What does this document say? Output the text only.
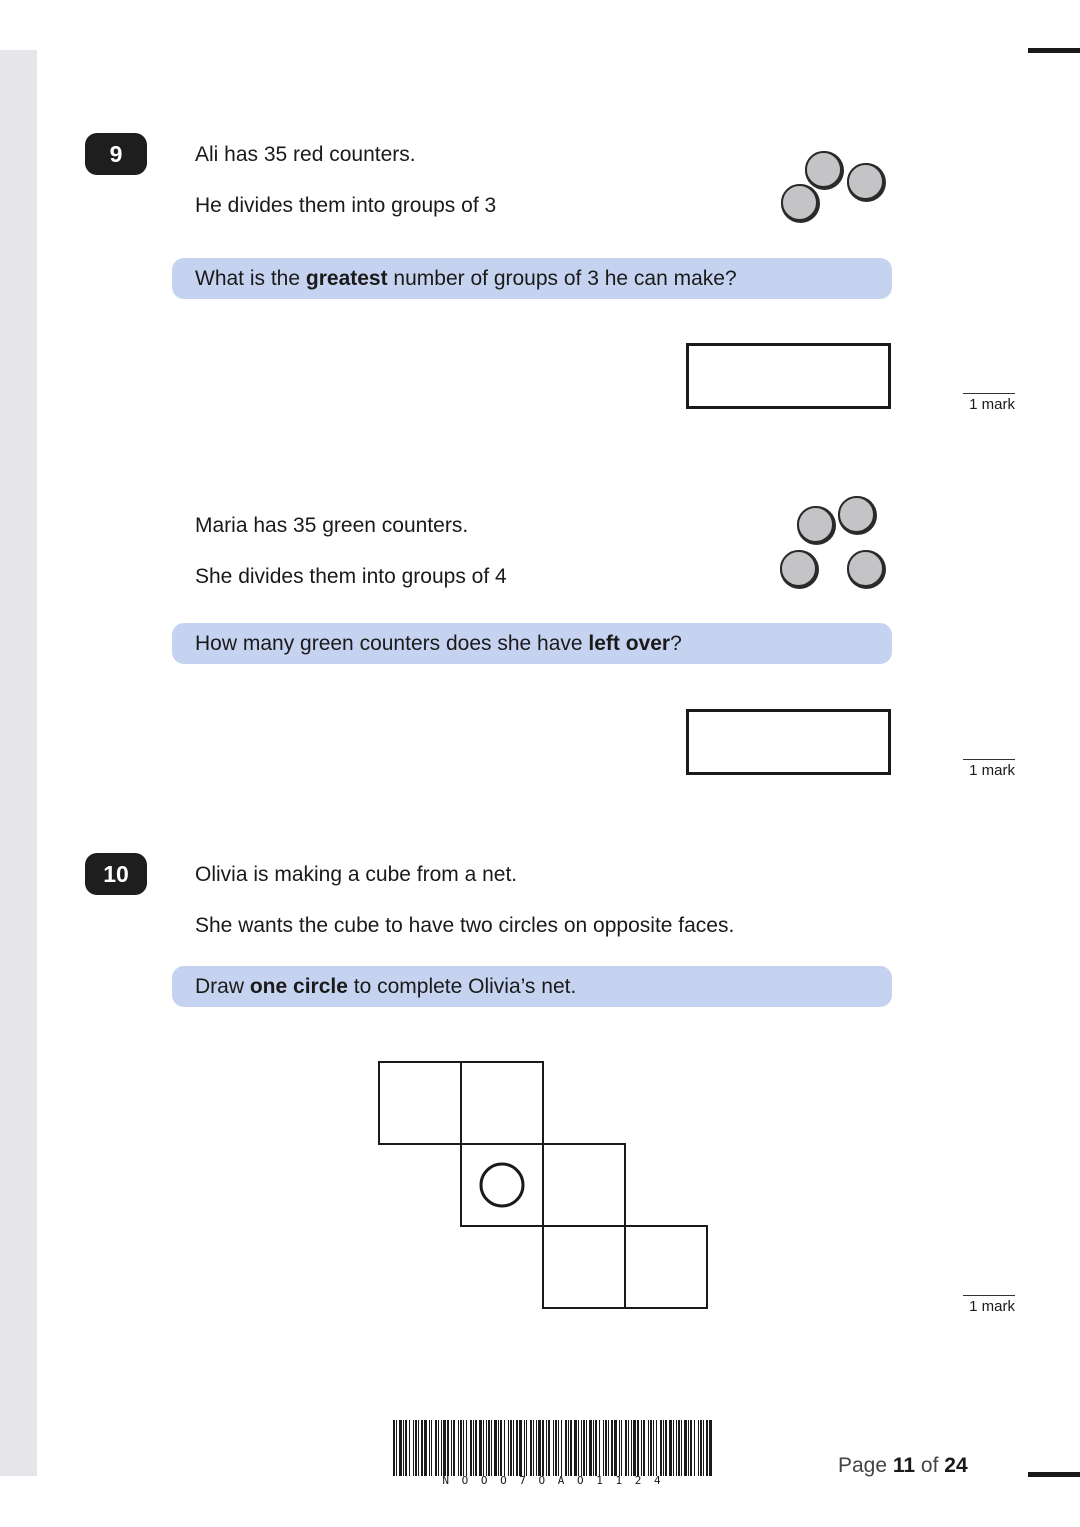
9	Ali has 35 red counters.
He divides them into groups of 3
What is the greatest number of groups of 3 he can make?
1 mark
Maria has 35 green counters.
She divides them into groups of 4
How many green counters does she have left over ?
1 mark
10	Olivia is making a cube from a net.
She wants the cube to have two circles on opposite faces.
Draw one circle to complete Olivia’s net.
1 mark
N O O O 7 O A O 1 1 2 4
Page 11 of 24
